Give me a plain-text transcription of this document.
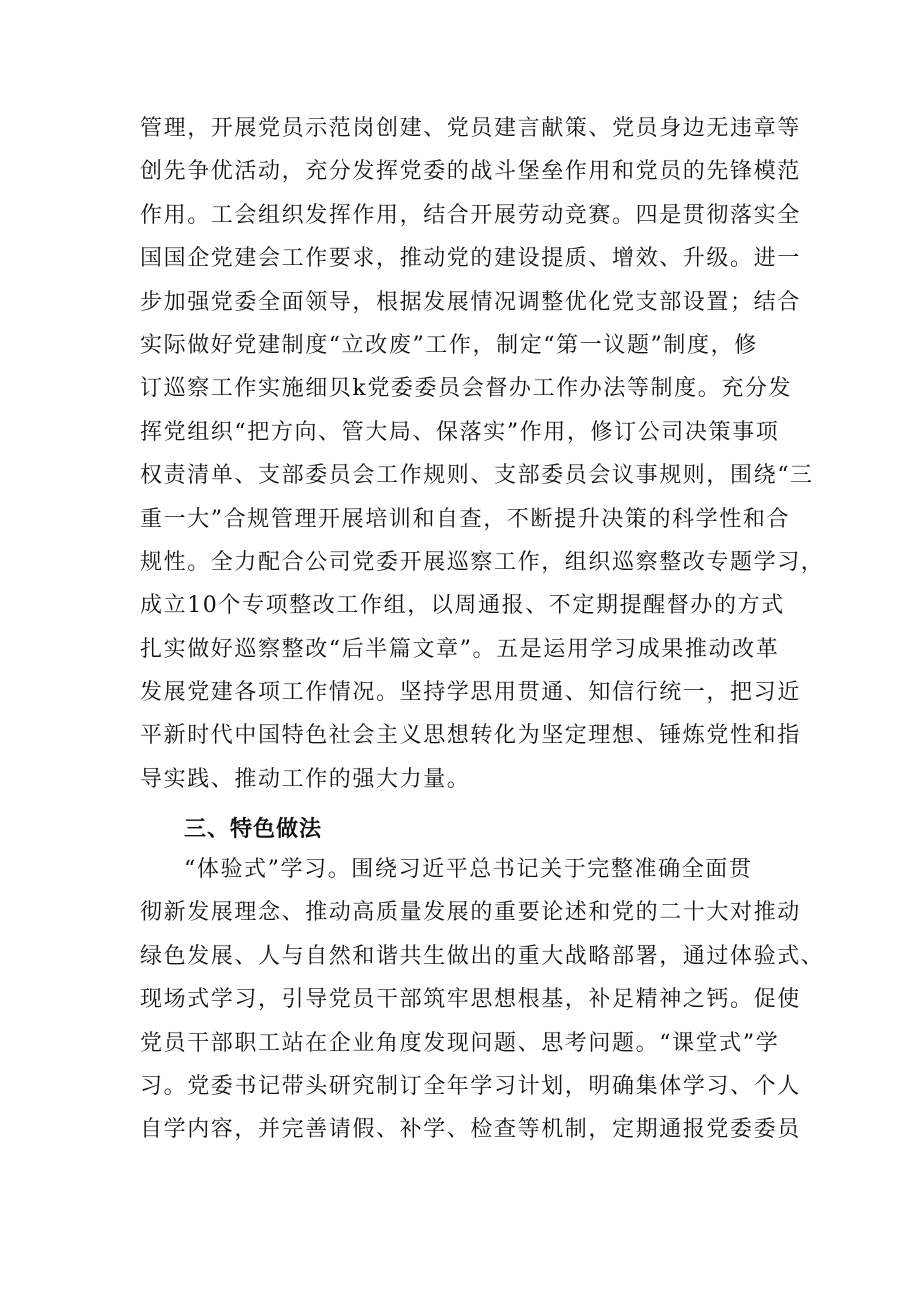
管理，开展党员示范岗创建、党员建言献策、党员身边无违章等
创先争优活动，充分发挥党委的战斗堡垒作用和党员的先锋模范
作用。工会组织发挥作用，结合开展劳动竞赛。四是贯彻落实全
国国企党建会工作要求，推动党的建设提质、增效、升级。进一
步加强党委全面领导，根据发展情况调整优化党支部设置；结合
实际做好党建制度“立改废”工作，制定“第一议题”制度，修
订巡察工作实施细贝k党委委员会督办工作办法等制度。充分发
挥党组织“把方向、管大局、保落实”作用，修订公司决策事项
权责清单、支部委员会工作规则、支部委员会议事规则，围绕“三
重一大”合规管理开展培训和自查，不断提升决策的科学性和合
规性。全力配合公司党委开展巡察工作，组织巡察整改专题学习，
成立10个专项整改工作组，以周通报、不定期提醒督办的方式
扎实做好巡察整改“后半篇文章”。五是运用学习成果推动改革
发展党建各项工作情况。坚持学思用贯通、知信行统一，把习近
平新时代中国特色社会主义思想转化为坚定理想、锤炼党性和指
导实践、推动工作的强大力量。
三、特色做法
“体验式”学习。围绕习近平总书记关于完整准确全面贯
彻新发展理念、推动高质量发展的重要论述和党的二十大对推动
绿色发展、人与自然和谐共生做出的重大战略部署，通过体验式、
现场式学习，引导党员干部筑牢思想根基，补足精神之钙。促使
党员干部职工站在企业角度发现问题、思考问题。“课堂式”学
习。党委书记带头研究制订全年学习计划，明确集体学习、个人
自学内容，并完善请假、补学、检查等机制，定期通报党委委员
